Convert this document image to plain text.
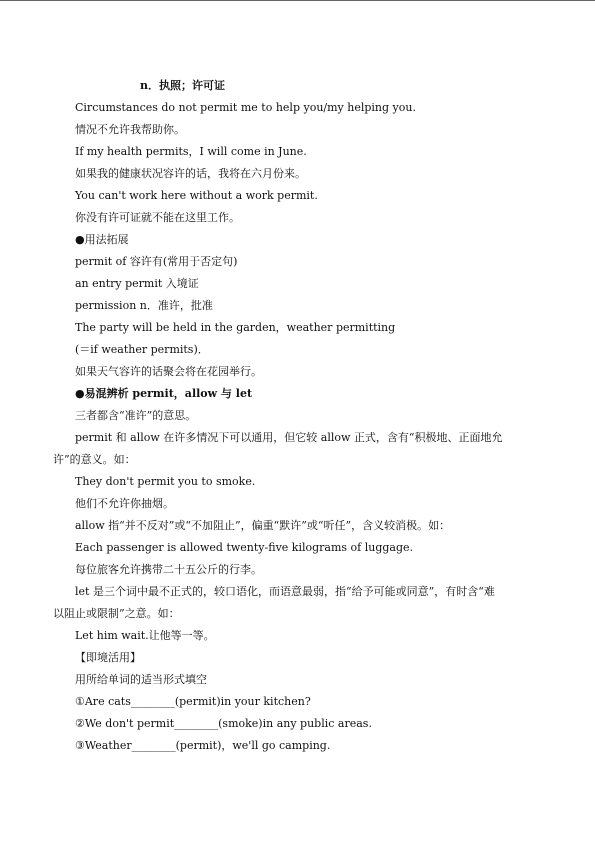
n．执照；许可证
Circumstances do not permit me to help you/my helping you.
情况不允许我帮助你。
If my health permits，I will come in June.
如果我的健康状况容许的话，我将在六月份来。
You can't work here without a work permit.
你没有许可证就不能在这里工作。
●用法拓展
permit of 容许有(常用于否定句)
an entry permit 入境证
permission n．准许，批准
The party will be held in the garden，weather permitting
(＝if weather permits)．
如果天气容许的话聚会将在花园举行。
●易混辨析 permit，allow 与 let
三者都含“准许”的意思。
permit 和 allow 在许多情况下可以通用，但它较 allow 正式，含有“积极地、正面地允
许”的意义。如：
They don't permit you to smoke.
他们不允许你抽烟。
allow 指“并不反对”或“不加阻止”，偏重“默许”或“听任”，含义较消极。如：
Each passenger is allowed twenty-five kilograms of luggage.
每位旅客允许携带二十五公斤的行李。
let 是三个词中最不正式的，较口语化，而语意最弱，指“给予可能或同意”，有时含“难
以阻止或限制”之意。如：
Let him wait.让他等一等。
【即境活用】
用所给单词的适当形式填空
①Are cats________(permit)in your kitchen?
②We don't permit________(smoke)in any public areas.
③Weather________(permit)，we'll go camping.
